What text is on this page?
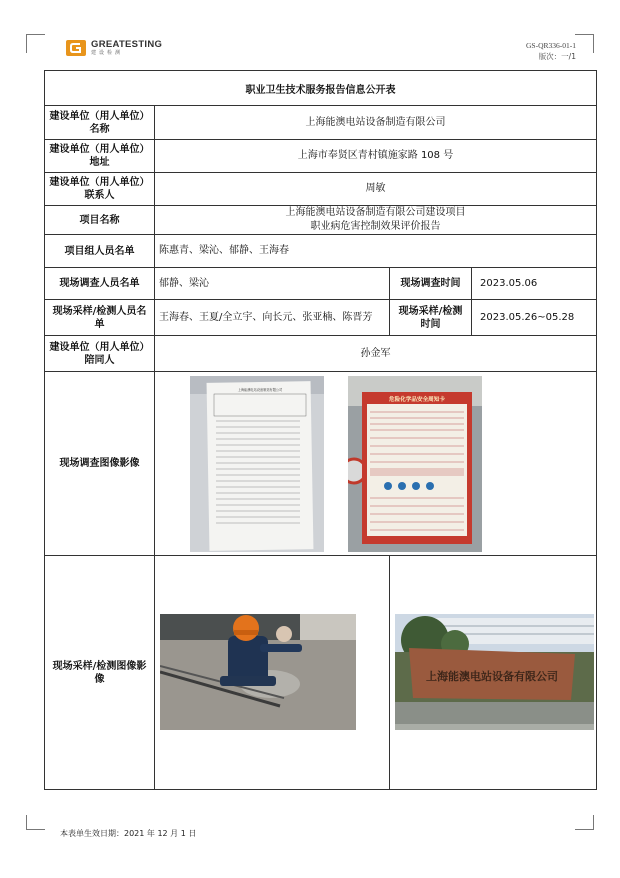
GREATESTING
建设检测
GS-QR336-01-1
版次：一/1
职业卫生技术服务报告信息公开表			
建设单位（用人单位）名称	上海能澳电站设备制造有限公司		
建设单位（用人单位）地址	上海市奉贤区青村镇施家路 108 号		
建设单位（用人单位）联系人	周敏		
项目名称	上海能澳电站设备制造有限公司建设项目
职业病危害控制效果评价报告		

项目组人员名单	陈惠青、梁沁、郁静、王海春		
现场调查人员名单	郁静、梁沁	现场调查时间	2023.05.06
现场采样/检测人员名单	王海春、王夏/全立宇、向长元、张亚楠、陈晋芳	现场采样/检测时间	2023.05.26~05.28
建设单位（用人单位）陪同人	孙金军		
现场调查图像影像	上海能澳电站设备制造有限公司
危险化学品安全周知卡		

现场采样/检测图像影像		上海能澳电站设备有限公司	
本表单生效日期：2021 年 12 月 1 日
